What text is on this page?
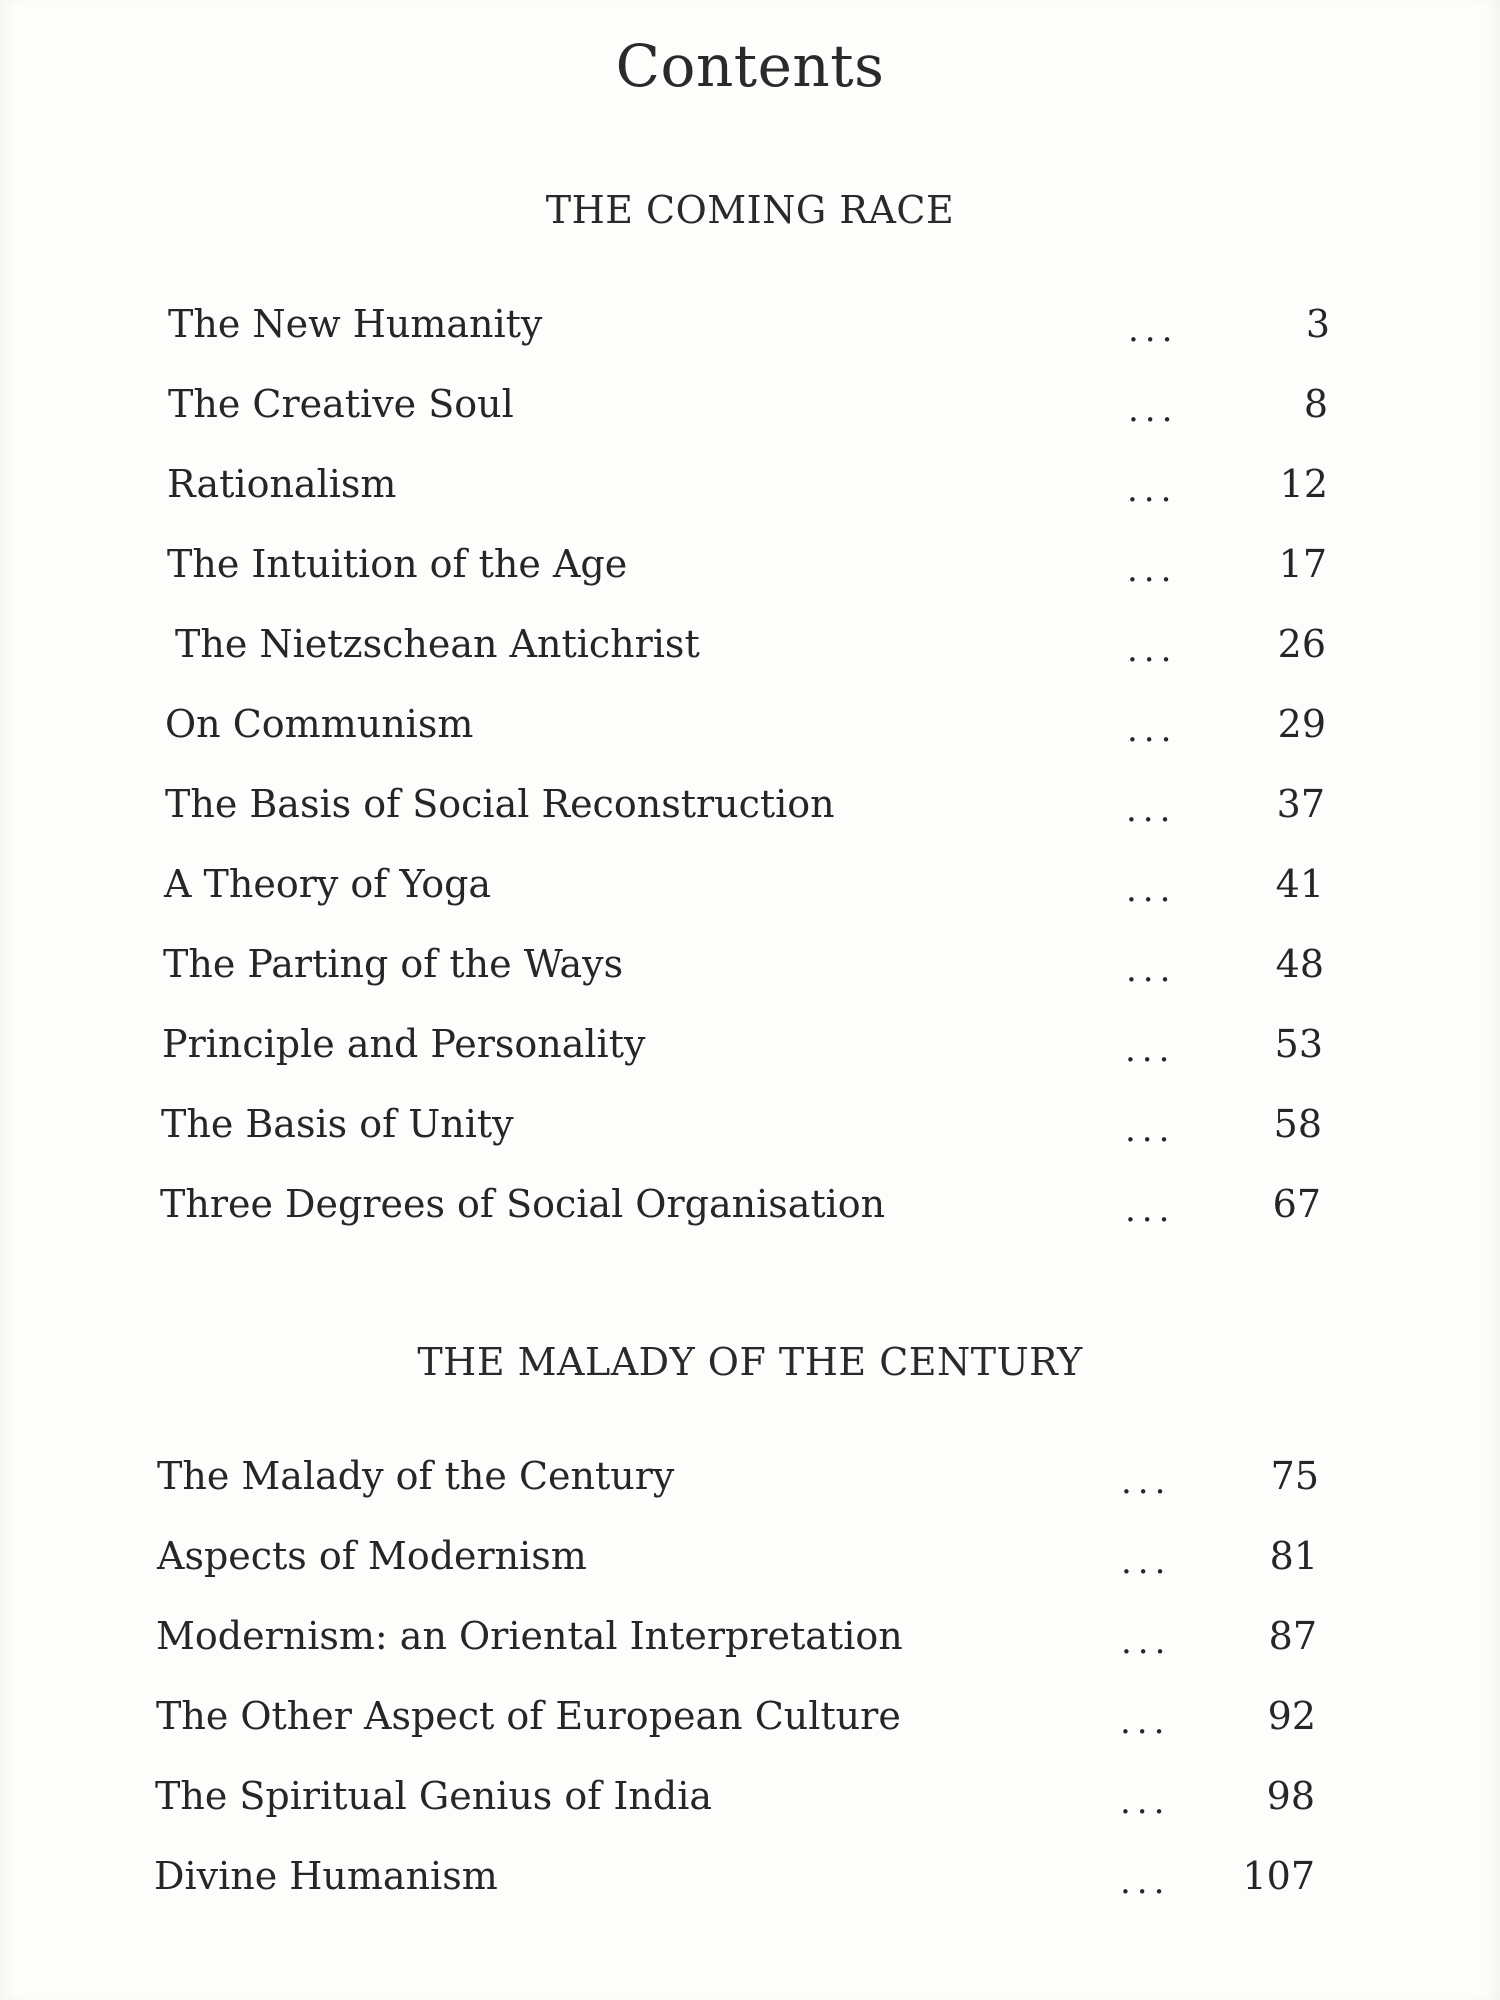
Contents
THE COMING RACE
The New Humanity	...	3
The Creative Soul	...	8
Rationalism	...	12
The Intuition of the Age	...	17
The Nietzschean Antichrist	...	26
On Communism	...	29
The Basis of Social Reconstruction	...	37
A Theory of Yoga	...	41
The Parting of the Ways	...	48
Principle and Personality	...	53
The Basis of Unity	...	58
Three Degrees of Social Organisation	...	67
THE MALADY OF THE CENTURY
The Malady of the Century	...	75
Aspects of Modernism	...	81
Modernism: an Oriental Interpretation	...	87
The Other Aspect of European Culture	...	92
The Spiritual Genius of India	...	98
Divine Humanism	... 107
